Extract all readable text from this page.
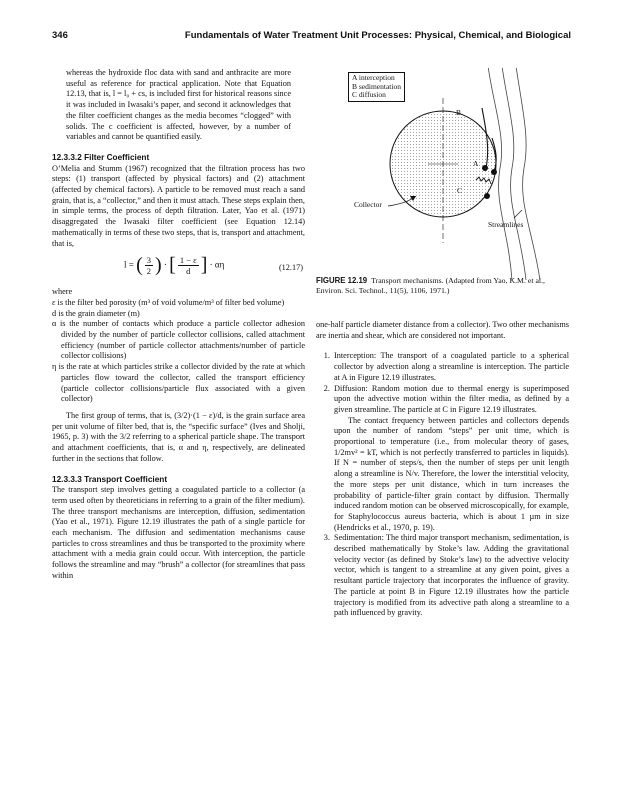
346	Fundamentals of Water Treatment Unit Processes: Physical, Chemical, and Biological

whereas the hydroxide floc data with sand and anthracite are more useful as reference for practical application. Note that Equation 12.13, that is, l = l₀ + cs, is included first for historical reasons since it was included in Iwasaki’s paper, and second it acknowledges that the filter coefficient changes as the media becomes “clogged” with solids. The c coefficient is affected, however, by a number of variables and cannot be quantified easily.

12.3.3.2 Filter Coefficient

O’Melia and Stumm (1967) recognized that the filtration process has two steps: (1) transport (affected by physical factors) and (2) attachment (affected by chemical factors). A particle to be removed must reach a sand grain, that is, a “collector,” and then it must attach. These steps explain then, in simple terms, the process of depth filtration. Later, Yao et al. (1971) disaggregated the Iwasaki filter coefficient (see Equation 12.14) mathematically in terms of these two steps, that is, transport and attachment, that is,

l = ( $\frac{3}{2}$ ) · [ $\frac{1 - \varepsilon}{d}$ ] · αη	(12.17)

where

ε is the filter bed porosity (m³ of void volume/m³ of filter bed volume)

d is the grain diameter (m)

α is the number of contacts which produce a particle collector adhesion divided by the number of particle collector collisions, called attachment efficiency (number of particle collector attachments/number of particle collector collisions)

η is the rate at which particles strike a collector divided by the rate at which particles flow toward the collector, called the transport efficiency (particle collector collisions/particle flux associated with a given collector)

The first group of terms, that is, (3/2)·(1 − ε)/d, is the grain surface area per unit volume of filter bed, that is, the “specific surface” (Ives and Sholji, 1965, p. 3) with the 3/2 referring to a spherical particle shape. The transport and attachment coefficients, that is, α and η, respectively, are delineated further in the sections that follow.

12.3.3.3 Transport Coefficient

The transport step involves getting a coagulated particle to a collector (a term used often by theoreticians in referring to a grain of the filter medium). The three transport mechanisms are interception, diffusion, sedimentation (Yao et al., 1971). Figure 12.19 illustrates the path of a single particle for each mechanism. The diffusion and sedimentation mechanisms cause particles to cross streamlines and thus be transported to the proximity where attachment with a media grain could occur. With interception, the particle follows the streamline and may “brush” a collector (for streamlines that pass within

B
A
C
Collector
Streamlines
A interception
B sedimentation
C diffusion
FIGURE 12.19 Transport mechanisms. (Adapted from Yao, K.M. et al., Environ. Sci. Technol., 11(5), 1106, 1971.)

one-half particle diameter distance from a collector). Two other mechanisms are inertia and shear, which are considered not important.

1. Interception: The transport of a coagulated particle to a spherical collector by advection along a streamline is interception. The particle at A in Figure 12.19 illustrates.
2. Diffusion: Random motion due to thermal energy is superimposed upon the advective motion within the filter media, as defined by a given streamline. The particle at C in Figure 12.19 illustrates.

The contact frequency between particles and collectors depends upon the number of random “steps” per unit time, which is proportional to temperature (i.e., from molecular theory of gases, 1/2mv² = kT, which is not perfectly transferred to particles in liquids). If N = number of steps/s, then the number of steps per unit length along a streamline is N/v. Therefore, the lower the interstitial velocity, the more steps per unit distance, which in turn increases the probability of particle-filter grain contact by diffusion. Thermally induced random motion can be observed microscopically, for example, for Staphylococcus aureus bacteria, which is about 1 µm in size (Hendricks et al., 1970, p. 19).

3. Sedimentation: The third major transport mechanism, sedimentation, is described mathematically by Stoke’s law. Adding the gravitational velocity vector (as defined by Stoke’s law) to the advective velocity vector, which is tangent to a streamline at any given point, gives a resultant particle trajectory that incorporates the influence of gravity. The particle at point B in Figure 12.19 illustrates how the particle trajectory is modified from its advective path along a streamline to a path influenced by gravity.
